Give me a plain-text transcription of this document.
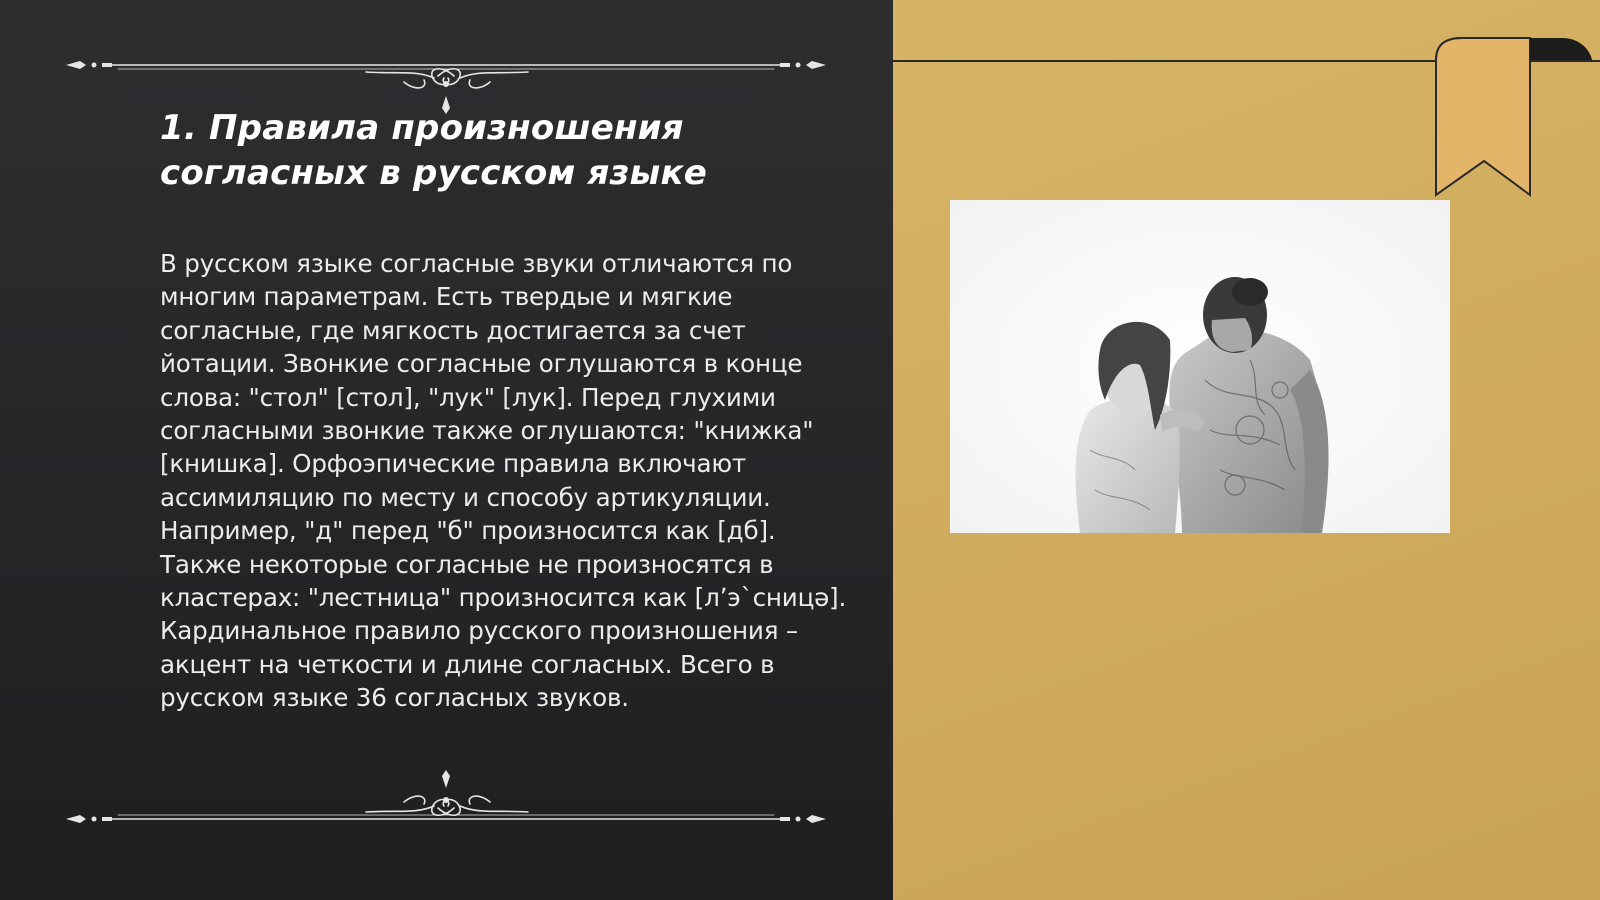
1. Правила произношения согласных в русском языке

В русском языке согласные звуки отличаются по многим параметрам. Есть твердые и мягкие согласные, где мягкость достигается за счет йотации. Звонкие согласные оглушаются в конце слова: "стол" [стол], "лук" [лук]. Перед глухими согласными звонкие также оглушаются: "книжка" [книшка]. Орфоэпические правила включают ассимиляцию по месту и способу артикуляции. Например, "д" перед "б" произносится как [дб]. Также некоторые согласные не произносятся в кластерах: "лестница" произносится как [лʼэ`сницә]. Кардинальное правило русского произношения – акцент на четкости и длине согласных. Всего в русском языке 36 согласных звуков.
